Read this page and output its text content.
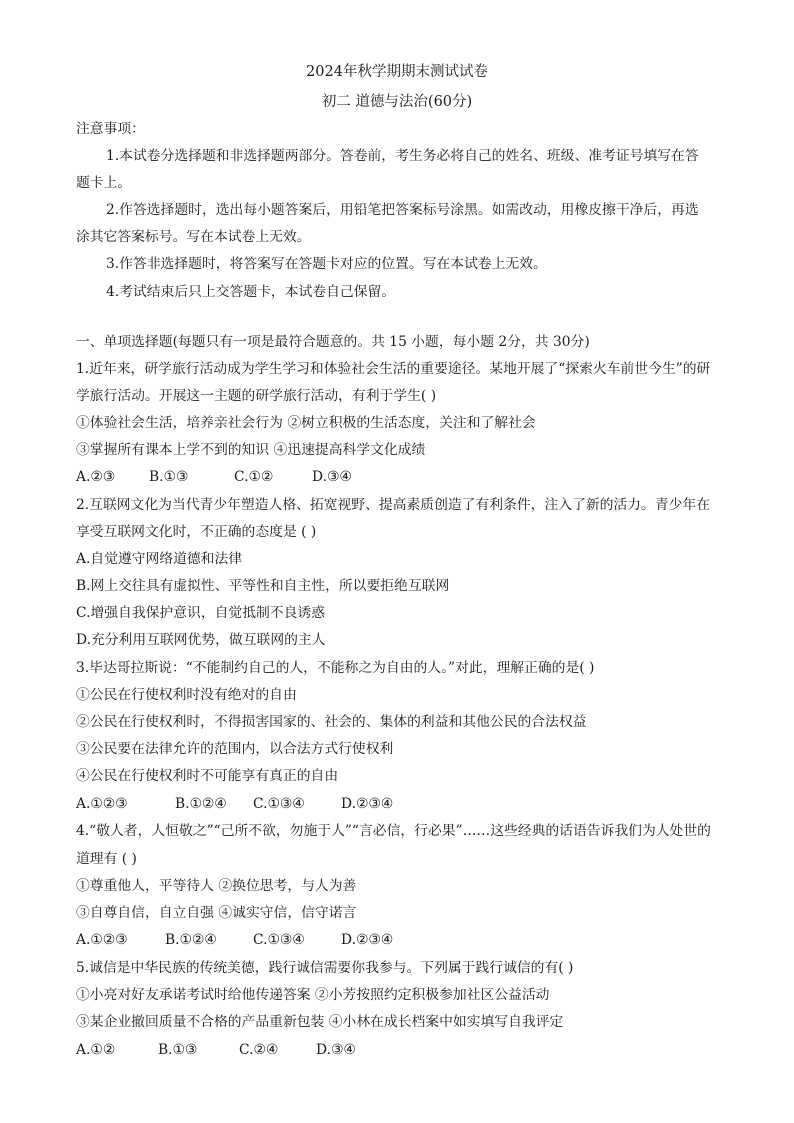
2024年秋学期期末测试试卷
初二 道德与法治(60分)
注意事项：
1.本试卷分选择题和非选择题两部分。答卷前，考生务必将自己的姓名、班级、准考证号填写在答
题卡上。
2.作答选择题时，选出每小题答案后，用铅笔把答案标号涂黑。如需改动，用橡皮擦干净后，再选
涂其它答案标号。写在本试卷上无效。
3.作答非选择题时，将答案写在答题卡对应的位置。写在本试卷上无效。
4.考试结束后只上交答题卡，本试卷自己保留。
一、单项选择题(每题只有一项是最符合题意的。共 15 小题，每小题 2分，共 30分)
1.近年来，研学旅行活动成为学生学习和体验社会生活的重要途径。某地开展了“探索火车前世今生”的研
学旅行活动。开展这一主题的研学旅行活动，有利于学生( )
①体验社会生活，培养亲社会行为 ②树立积极的生活态度，关注和了解社会
③掌握所有课本上学不到的知识 ④迅速提高科学文化成绩
A.②③ B.①③	C.①②	D.③④
2.互联网文化为当代青少年塑造人格、拓宽视野、提高素质创造了有利条件，注入了新的活力。青少年在
享受互联网文化时，不正确的态度是 ( )
A.自觉遵守网络道德和法律
B.网上交往具有虚拟性、平等性和自主性，所以要拒绝互联网
C.增强自我保护意识，自觉抵制不良诱惑
D.充分利用互联网优势，做互联网的主人
3.毕达哥拉斯说：“不能制约自己的人，不能称之为自由的人。”对此，理解正确的是( )
①公民在行使权利时没有绝对的自由
②公民在行使权利时，不得损害国家的、社会的、集体的利益和其他公民的合法权益
③公民要在法律允许的范围内，以合法方式行使权利
④公民在行使权利时不可能享有真正的自由
A.①②③	B.①②④ C.①③④	D.②③④
4.“敬人者，人恒敬之”“己所不欲，勿施于人”“言必信，行必果”……这些经典的话语告诉我们为人处世的
道理有 ( )
①尊重他人，平等待人 ②换位思考，与人为善
③自尊自信，自立自强 ④诚实守信，信守诺言
A.①②③	B.①②④	C.①③④	D.②③④
5.诚信是中华民族的传统美德，践行诚信需要你我参与。下列属于践行诚信的有( )
①小亮对好友承诺考试时给他传递答案 ②小芳按照约定积极参加社区公益活动
③某企业撤回质量不合格的产品重新包装 ④小林在成长档案中如实填写自我评定
A.①②	B.①③	C.②④	D.③④
